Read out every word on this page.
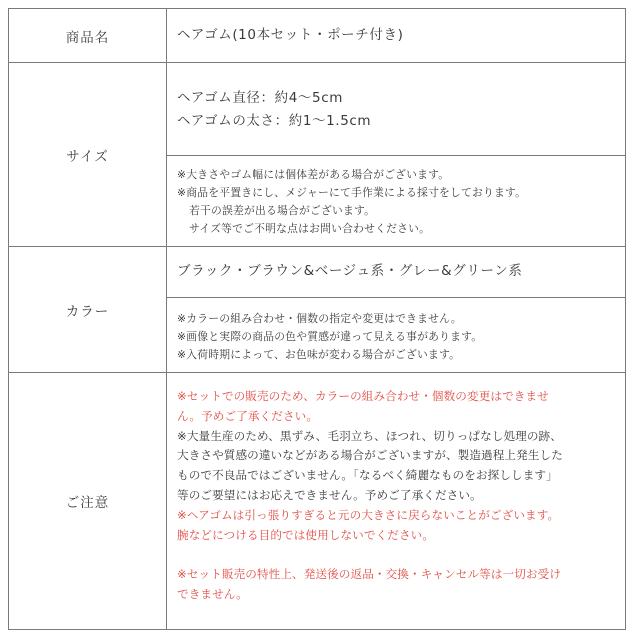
商品名	ヘアゴム(10本セット・ポーチ付き)
サイズ
ヘアゴム直径：約4〜5cm
ヘアゴムの太さ：約1〜1.5cm
※大きさやゴム幅には個体差がある場合がございます。
※商品を平置きにし、メジャーにて手作業による採寸をしております。
若干の誤差が出る場合がございます。
サイズ等でご不明な点はお問い合わせください。
カラー
ブラック・ブラウン&ベージュ系・グレー&グリーン系
※カラーの組み合わせ・個数の指定や変更はできません。
※画像と実際の商品の色や質感が違って見える事があります。
※入荷時期によって、お色味が変わる場合がございます。
ご注意
※セットでの販売のため、カラーの組み合わせ・個数の変更はできませ
ん。予めご了承ください。
※大量生産のため、黒ずみ、毛羽立ち、ほつれ、切りっぱなし処理の跡、
大きさや質感の違いなどがある場合がございますが、製造過程上発生した
もので不良品ではございません。「なるべく綺麗なものをお探しします」
等のご要望にはお応えできません。予めご了承ください。
※ヘアゴムは引っ張りすぎると元の大きさに戻らないことがございます。
腕などにつける目的では使用しないでください。
※セット販売の特性上、発送後の返品・交換・キャンセル等は一切お受け
できません。
